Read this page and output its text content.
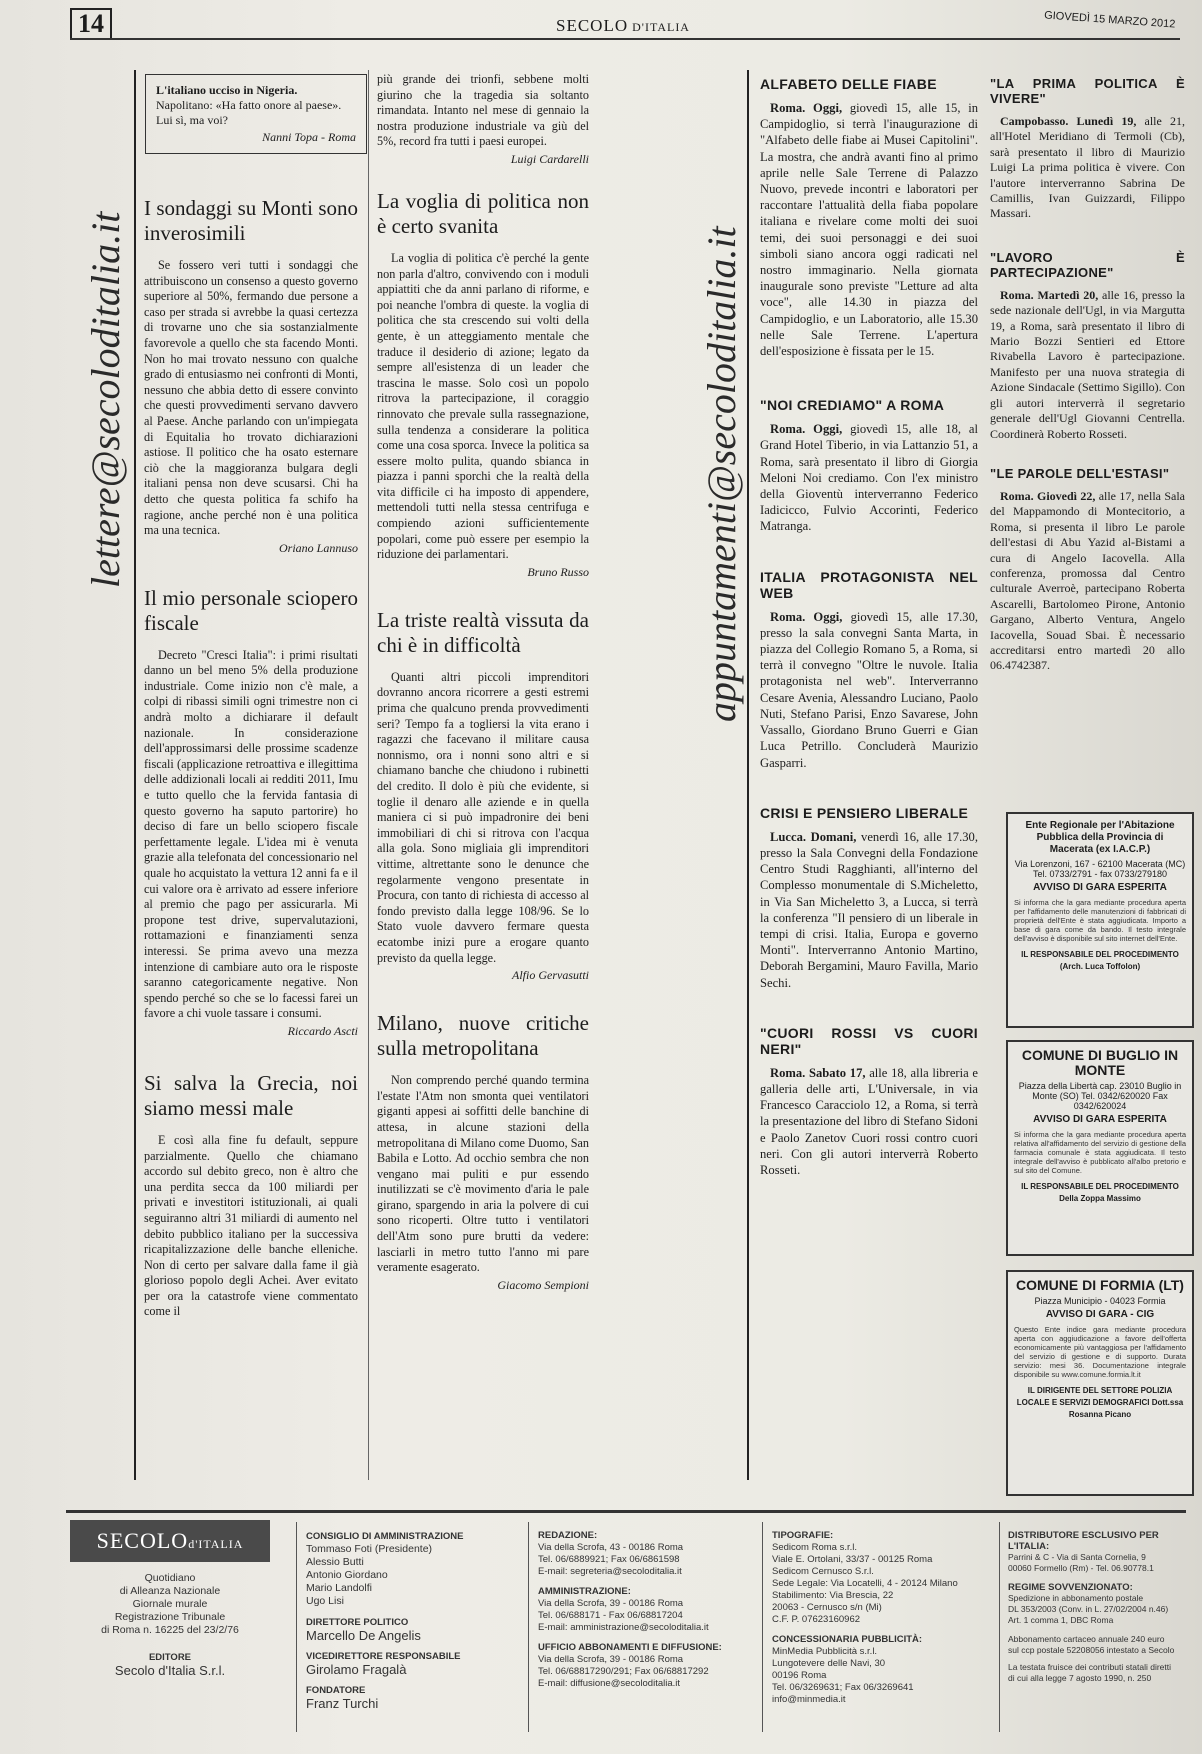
14	SECOLO D'ITALIA	GIOVEDÌ 15 MARZO 2012
lettere@secoloditalia.it	appuntamenti@secoloditalia.it
L'italiano ucciso in Nigeria.
Napolitano: «Ha fatto onore al paese». Lui sì, ma voi?
Nanni Topa - Roma
I sondaggi su Monti sono inverosimili

Se fossero veri tutti i sondaggi che attribuiscono un consenso a questo governo superiore al 50%, fermando due persone a caso per strada si avrebbe la quasi certezza di trovarne uno che sia sostanzialmente favorevole a quello che sta facendo Monti. Non ho mai trovato nessuno con qualche grado di entusiasmo nei confronti di Monti, nessuno che abbia detto di essere convinto che questi provvedimenti servano davvero al Paese. Anche parlando con un'impiegata di Equitalia ho trovato dichiarazioni astiose. Il politico che ha osato esternare ciò che la maggioranza bulgara degli italiani pensa non deve scusarsi. Chi ha detto che questa politica fa schifo ha ragione, anche perché non è una politica ma una tecnica.

Oriano Lannuso
Il mio personale sciopero fiscale

Decreto "Cresci Italia": i primi risultati danno un bel meno 5% della produzione industriale. Come inizio non c'è male, a colpi di ribassi simili ogni trimestre non ci andrà molto a dichiarare il default nazionale. In considerazione dell'approssimarsi delle prossime scadenze fiscali (applicazione retroattiva e illegittima delle addizionali locali ai redditi 2011, Imu e tutto quello che la fervida fantasia di questo governo ha saputo partorire) ho deciso di fare un bello sciopero fiscale perfettamente legale. L'idea mi è venuta grazie alla telefonata del concessionario nel quale ho acquistato la vettura 12 anni fa e il cui valore ora è arrivato ad essere inferiore al premio che pago per assicurarla. Mi propone test drive, supervalutazioni, rottamazioni e finanziamenti senza interessi. Se prima avevo una mezza intenzione di cambiare auto ora le risposte saranno categoricamente negative. Non spendo perché so che se lo facessi farei un favore a chi vuole tassare i consumi.

Riccardo Ascti
Si salva la Grecia, noi siamo messi male

E così alla fine fu default, seppure parzialmente. Quello che chiamano accordo sul debito greco, non è altro che una perdita secca da 100 miliardi per privati e investitori istituzionali, ai quali seguiranno altri 31 miliardi di aumento nel debito pubblico italiano per la successiva ricapitalizzazione delle banche elleniche. Non di certo per salvare dalla fame il già glorioso popolo degli Achei. Aver evitato per ora la catastrofe viene commentato come il

più grande dei trionfi, sebbene molti giurino che la tragedia sia soltanto rimandata. Intanto nel mese di gennaio la nostra produzione industriale va giù del 5%, record fra tutti i paesi europei.

Luigi Cardarelli
La voglia di politica non è certo svanita

La voglia di politica c'è perché la gente non parla d'altro, convivendo con i moduli appiattiti che da anni parlano di riforme, e poi neanche l'ombra di queste. la voglia di politica che sta crescendo sui volti della gente, è un atteggiamento mentale che traduce il desiderio di azione; legato da sempre all'esistenza di un leader che trascina le masse. Solo così un popolo ritrova la partecipazione, il coraggio rinnovato che prevale sulla rassegnazione, sulla tendenza a considerare la politica come una cosa sporca. Invece la politica sa essere molto pulita, quando sbianca in piazza i panni sporchi che la realtà della vita difficile ci ha imposto di appendere, mettendoli tutti nella stessa centrifuga e compiendo azioni sufficientemente popolari, come può essere per esempio la riduzione dei parlamentari.

Bruno Russo
La triste realtà vissuta da chi è in difficoltà

Quanti altri piccoli imprenditori dovranno ancora ricorrere a gesti estremi prima che qualcuno prenda provvedimenti seri? Tempo fa a togliersi la vita erano i ragazzi che facevano il militare causa nonnismo, ora i nonni sono altri e si chiamano banche che chiudono i rubinetti del credito. Il dolo è più che evidente, si toglie il denaro alle aziende e in quella maniera ci si può impadronire dei beni immobiliari di chi si ritrova con l'acqua alla gola. Sono migliaia gli imprenditori vittime, altrettante sono le denunce che regolarmente vengono presentate in Procura, con tanto di richiesta di accesso al fondo previsto dalla legge 108/96. Se lo Stato vuole davvero fermare questa ecatombe inizi pure a erogare quanto previsto da quella legge.

Alfio Gervasutti
Milano, nuove critiche sulla metropolitana

Non comprendo perché quando termina l'estate l'Atm non smonta quei ventilatori giganti appesi ai soffitti delle banchine di attesa, in alcune stazioni della metropolitana di Milano come Duomo, San Babila e Lotto. Ad occhio sembra che non vengano mai puliti e pur essendo inutilizzati se c'è movimento d'aria le pale girano, spargendo in aria la polvere di cui sono ricoperti. Oltre tutto i ventilatori dell'Atm sono pure brutti da vedere: lasciarli in metro tutto l'anno mi pare veramente esagerato.

Giacomo Sempioni
ALFABETO DELLE FIABE

Roma. Oggi, giovedì 15, alle 15, in Campidoglio, si terrà l'inaugurazione di "Alfabeto delle fiabe ai Musei Capitolini". La mostra, che andrà avanti fino al primo aprile nelle Sale Terrene di Palazzo Nuovo, prevede incontri e laboratori per raccontare l'attualità della fiaba popolare italiana e rivelare come molti dei suoi temi, dei suoi personaggi e dei suoi simboli siano ancora oggi radicati nel nostro immaginario. Nella giornata inaugurale sono previste "Letture ad alta voce", alle 14.30 in piazza del Campidoglio, e un Laboratorio, alle 15.30 nelle Sale Terrene. L'apertura dell'esposizione è fissata per le 15.

"NOI CREDIAMO" A ROMA

Roma. Oggi, giovedì 15, alle 18, al Grand Hotel Tiberio, in via Lattanzio 51, a Roma, sarà presentato il libro di Giorgia Meloni Noi crediamo. Con l'ex ministro della Gioventù interverranno Federico Iadicicco, Fulvio Accorinti, Federico Matranga.

ITALIA PROTAGONISTA NEL WEB

Roma. Oggi, giovedì 15, alle 17.30, presso la sala convegni Santa Marta, in piazza del Collegio Romano 5, a Roma, si terrà il convegno "Oltre le nuvole. Italia protagonista nel web". Interverranno Cesare Avenia, Alessandro Luciano, Paolo Nuti, Stefano Parisi, Enzo Savarese, John Vassallo, Giordano Bruno Guerri e Gian Luca Petrillo. Concluderà Maurizio Gasparri.

CRISI E PENSIERO LIBERALE

Lucca. Domani, venerdì 16, alle 17.30, presso la Sala Convegni della Fondazione Centro Studi Ragghianti, all'interno del Complesso monumentale di S.Micheletto, in Via San Micheletto 3, a Lucca, si terrà la conferenza "Il pensiero di un liberale in tempi di crisi. Italia, Europa e governo Monti". Interverranno Antonio Martino, Deborah Bergamini, Mauro Favilla, Mario Sechi.

"CUORI ROSSI VS CUORI NERI"

Roma. Sabato 17, alle 18, alla libreria e galleria delle arti, L'Universale, in via Francesco Caracciolo 12, a Roma, si terrà la presentazione del libro di Stefano Sidoni e Paolo Zanetov Cuori rossi contro cuori neri. Con gli autori interverrà Roberto Rosseti.

"LA PRIMA POLITICA È VIVERE"

Campobasso. Lunedì 19, alle 21, all'Hotel Meridiano di Termoli (Cb), sarà presentato il libro di Maurizio Luigi La prima politica è vivere. Con l'autore interverranno Sabrina De Camillis, Ivan Guizzardi, Filippo Massari.

"LAVORO È PARTECIPAZIONE"

Roma. Martedì 20, alle 16, presso la sede nazionale dell'Ugl, in via Margutta 19, a Roma, sarà presentato il libro di Mario Bozzi Sentieri ed Ettore Rivabella Lavoro è partecipazione. Manifesto per una nuova strategia di Azione Sindacale (Settimo Sigillo). Con gli autori interverrà il segretario generale dell'Ugl Giovanni Centrella. Coordinerà Roberto Rosseti.

"LE PAROLE DELL'ESTASI"

Roma. Giovedì 22, alle 17, nella Sala del Mappamondo di Montecitorio, a Roma, si presenta il libro Le parole dell'estasi di Abu Yazid al-Bistami a cura di Angelo Iacovella. Alla conferenza, promossa dal Centro culturale Averroè, partecipano Roberta Ascarelli, Bartolomeo Pirone, Antonio Gargano, Alberto Ventura, Angelo Iacovella, Souad Sbai. È necessario accreditarsi entro martedì 20 allo 06.4742387.

Ente Regionale per l'Abitazione Pubblica della Provincia di Macerata (ex I.A.C.P.)
Via Lorenzoni, 167 - 62100 Macerata (MC) Tel. 0733/2791 - fax 0733/279180
AVVISO DI GARA ESPERITA
Si informa che la gara mediante procedura aperta per l'affidamento delle manutenzioni di fabbricati di proprietà dell'Ente è stata aggiudicata. Importo a base di gara come da bando. Il testo integrale dell'avviso è disponibile sul sito internet dell'Ente.
IL RESPONSABILE DEL PROCEDIMENTO (Arch. Luca Toffolon)
COMUNE DI BUGLIO IN MONTE
Piazza della Libertà cap. 23010 Buglio in Monte (SO) Tel. 0342/620020 Fax 0342/620024
AVVISO DI GARA ESPERITA
Si informa che la gara mediante procedura aperta relativa all'affidamento del servizio di gestione della farmacia comunale è stata aggiudicata. Il testo integrale dell'avviso è pubblicato all'albo pretorio e sul sito del Comune.
IL RESPONSABILE DEL PROCEDIMENTO Della Zoppa Massimo
COMUNE DI FORMIA (LT)
Piazza Municipio - 04023 Formia
AVVISO DI GARA - CIG
Questo Ente indice gara mediante procedura aperta con aggiudicazione a favore dell'offerta economicamente più vantaggiosa per l'affidamento del servizio di gestione e di supporto. Durata servizio: mesi 36. Documentazione integrale disponibile su www.comune.formia.lt.it
IL DIRIGENTE DEL SETTORE POLIZIA LOCALE E SERVIZI DEMOGRAFICI Dott.ssa Rosanna Picano
SECOLOd'ITALIA
Quotidiano
di Alleanza Nazionale
Giornale murale
Registrazione Tribunale
di Roma n. 16225 del 23/2/76
EDITORE
Secolo d'Italia S.r.l.
CONSIGLIO DI AMMINISTRAZIONE
Tommaso Foti (Presidente)
Alessio Butti
Antonio Giordano
Mario Landolfi
Ugo Lisi
DIRETTORE POLITICO
Marcello De Angelis
VICEDIRETTORE RESPONSABILE
Girolamo Fragalà
FONDATORE
Franz Turchi
REDAZIONE:
Via della Scrofa, 43 - 00186 Roma
Tel. 06/6889921; Fax 06/6861598
E-mail: segreteria@secoloditalia.it
AMMINISTRAZIONE:
Via della Scrofa, 39 - 00186 Roma
Tel. 06/688171 - Fax 06/68817204
E-mail: amministrazione@secoloditalia.it
UFFICIO ABBONAMENTI E DIFFUSIONE:
Via della Scrofa, 39 - 00186 Roma
Tel. 06/68817290/291; Fax 06/68817292
E-mail: diffusione@secoloditalia.it
TIPOGRAFIE:
Sedicom Roma s.r.l.
Viale E. Ortolani, 33/37 - 00125 Roma
Sedicom Cernusco S.r.l.
Sede Legale: Via Locatelli, 4 - 20124 Milano
Stabilimento: Via Brescia, 22
20063 - Cernusco s/n (Mi)
C.F. P. 07623160962
CONCESSIONARIA PUBBLICITÀ:
MinMedia Pubblicità s.r.l.
Lungotevere delle Navi, 30
00196 Roma
Tel. 06/3269631; Fax 06/3269641
info@minmedia.it
DISTRIBUTORE ESCLUSIVO PER L'ITALIA:
Parrini & C - Via di Santa Cornelia, 9
00060 Formello (Rm) - Tel. 06.90778.1
REGIME SOVVENZIONATO:
Spedizione in abbonamento postale
DL 353/2003 (Conv. in L. 27/02/2004 n.46)
Art. 1 comma 1, DBC Roma
Abbonamento cartaceo annuale 240 euro
sul ccp postale 52208056 intestato a Secolo
La testata fruisce dei contributi statali diretti
di cui alla legge 7 agosto 1990, n. 250
